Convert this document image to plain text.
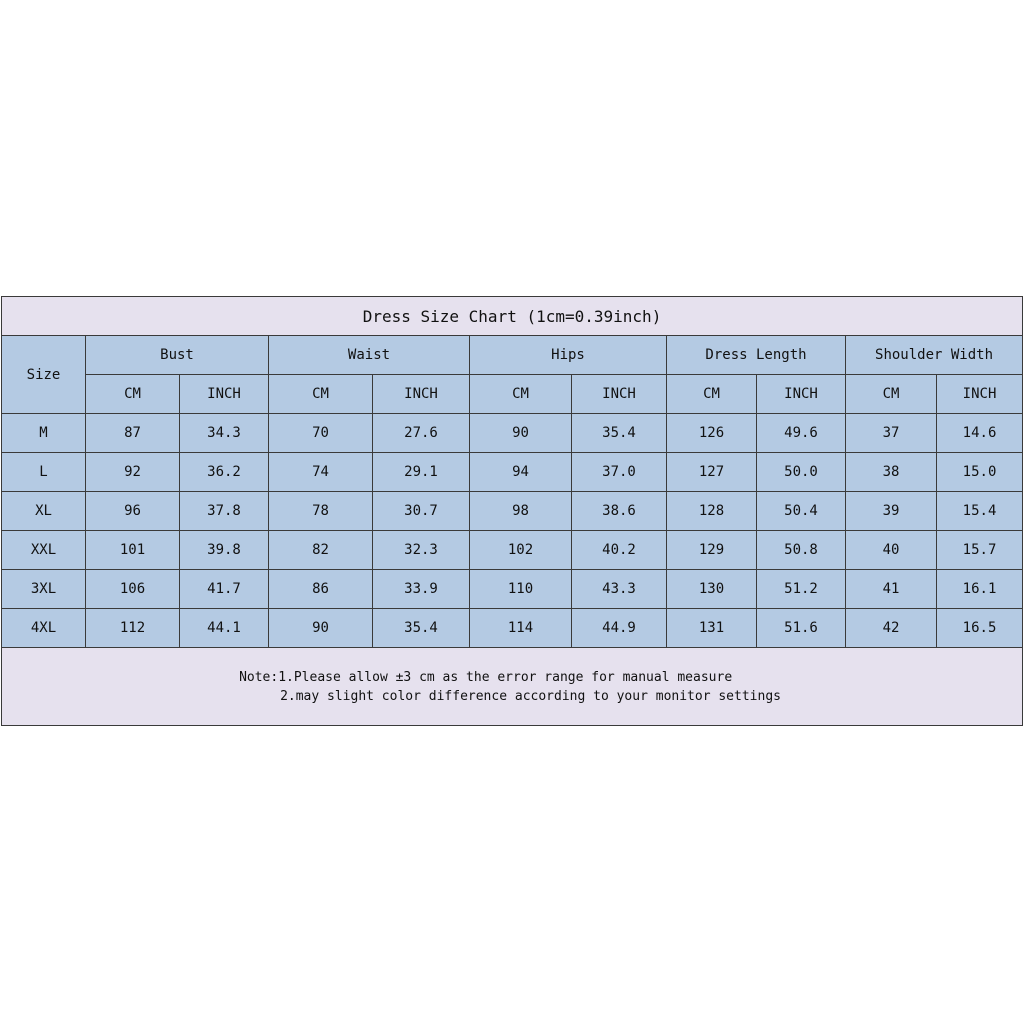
Dress Size Chart (1cm=0.39inch)										
Size	Bust		Waist		Hips		Dress Length		Shoulder Width	
	CM	INCH	CM	INCH	CM	INCH	CM	INCH	CM	INCH
M	87	34.3	70	27.6	90	35.4	126	49.6	37	14.6
L	92	36.2	74	29.1	94	37.0	127	50.0	38	15.0
XL	96	37.8	78	30.7	98	38.6	128	50.4	39	15.4
XXL	101	39.8	82	32.3	102	40.2	129	50.8	40	15.7
3XL	106	41.7	86	33.9	110	43.3	130	51.2	41	16.1
4XL	112	44.1	90	35.4	114	44.9	131	51.6	42	16.5
Note:1.Please allow ±3 cm as the error range for manual measure

2.may slight color difference according to your monitor settings										
